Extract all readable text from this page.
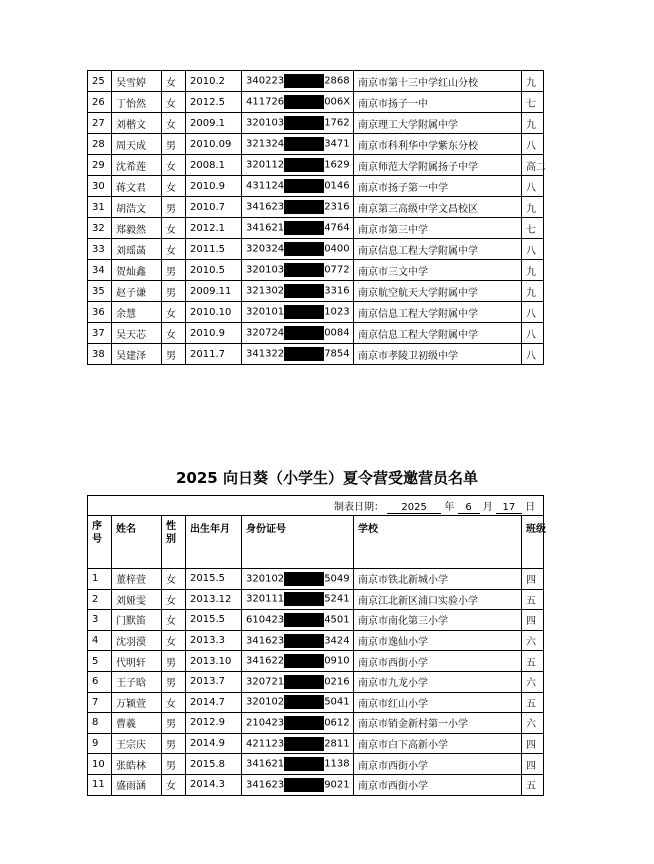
25	吴雪婷	女	2010.2	340223 2868	南京市第十三中学红山分校	九
26	丁怡然	女	2012.5	411726 006X	南京市扬子一中	七
27	刘楷文	女	2009.1	320103 1762	南京理工大学附属中学	九
28	周天成	男	2010.09	321324 3471	南京市科利华中学紫东分校	八
29	沈希莲	女	2008.1	320112 1629	南京师范大学附属扬子中学	高二
30	蒋文君	女	2010.9	431124 0146	南京市扬子第一中学	八
31	胡浩文	男	2010.7	341623 2316	南京第三高级中学文昌校区	九
32	郑毅然	女	2012.1	341621 4764	南京市第三中学	七
33	刘瑶菡	女	2011.5	320324 0400	南京信息工程大学附属中学	八
34	贺灿鑫	男	2010.5	320103 0772	南京市三文中学	九
35	赵子谦	男	2009.11	321302 3316	南京航空航天大学附属中学	九
36	余慧	女	2010.10	320101 1023	南京信息工程大学附属中学	八
37	吴天芯	女	2010.9	320724 0084	南京信息工程大学附属中学	八
38	吴建泽	男	2011.7	341322 7854	南京市孝陵卫初级中学	八
2025 向日葵（小学生）夏令营受邀营员名单
制表日期： 2025 年 6 月 17 日						
序号	姓名	性别	出生年月	身份证号	学校	班级
1	董梓萱	女	2015.5	320102 5049	南京市铁北新城小学	四
2	刘娅雯	女	2013.12	320111 5241	南京江北新区浦口实验小学	五
3	门默笛	女	2015.5	610423 4501	南京市南化第三小学	四
4	沈羽漠	女	2013.3	341623 3424	南京市逸仙小学	六
5	代明轩	男	2013.10	341622 0910	南京市西街小学	五
6	王子晗	男	2013.7	320721 0216	南京市九龙小学	六
7	万颖萱	女	2014.7	320102 5041	南京市红山小学	五
8	曹羲	男	2012.9	210423 0612	南京市销金新村第一小学	六
9	王宗庆	男	2014.9	421123 2811	南京市白下高新小学	四
10	张皓林	男	2015.8	341621 1138	南京市西街小学	四
11	盛雨涵	女	2014.3	341623 9021	南京市西街小学	五
